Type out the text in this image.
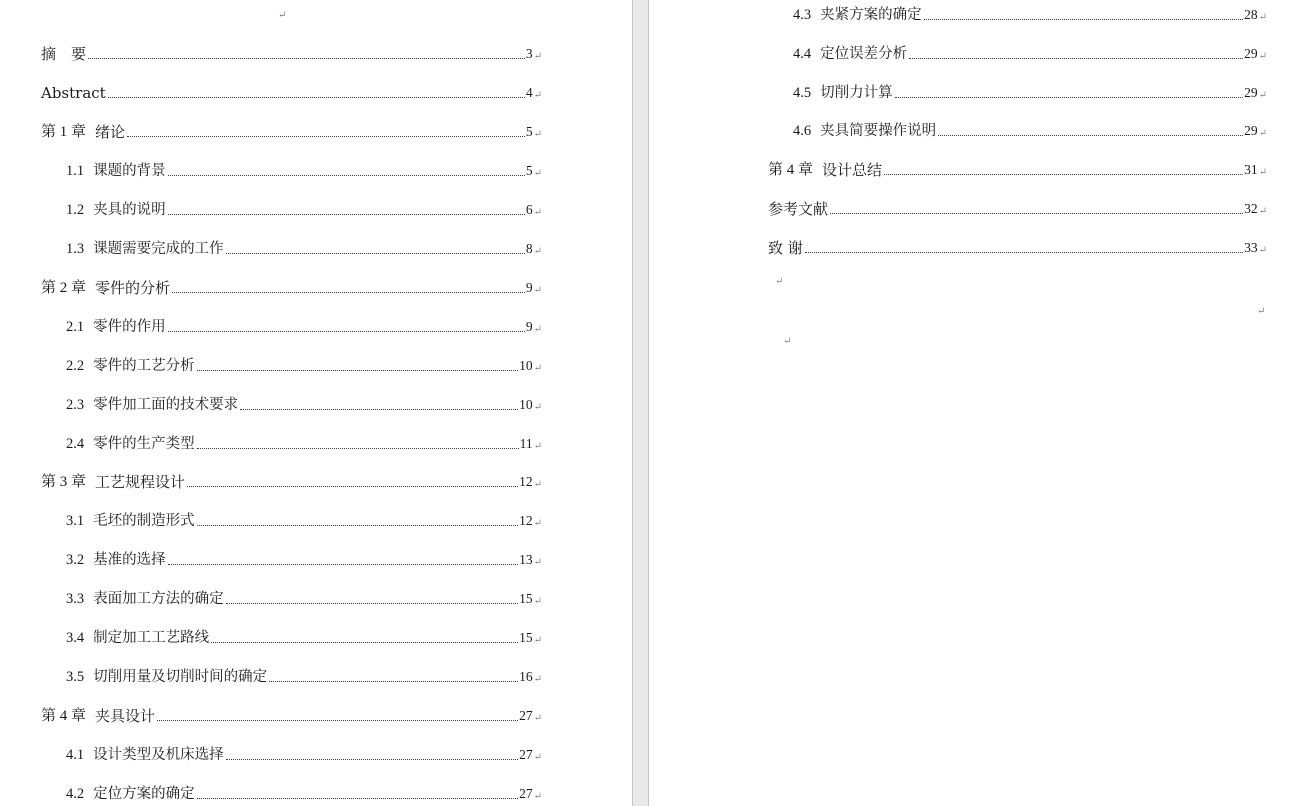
↵
摘　要	3 ↵
Abstract	4 ↵
第 1 章 绪论	5 ↵
1.1 课题的背景	5 ↵
1.2 夹具的说明	6 ↵
1.3 课题需要完成的工作	8 ↵
第 2 章 零件的分析	9 ↵
2.1 零件的作用	9 ↵
2.2 零件的工艺分析	10 ↵
2.3 零件加工面的技术要求	10 ↵
2.4 零件的生产类型	11 ↵
第 3 章 工艺规程设计	12 ↵
3.1 毛坯的制造形式	12 ↵
3.2 基准的选择	13 ↵
3.3 表面加工方法的确定	15 ↵
3.4 制定加工工艺路线	15 ↵
3.5 切削用量及切削时间的确定	16 ↵
第 4 章 夹具设计	27 ↵
4.1 设计类型及机床选择	27 ↵
4.2 定位方案的确定	27 ↵
↵
↵
↵
4.3 夹紧方案的确定	28 ↵
4.4 定位误差分析	29 ↵
4.5 切削力计算	29 ↵
4.6 夹具简要操作说明	29 ↵
第 4 章 设计总结	31 ↵
参考文献	32 ↵
致 谢	33 ↵
